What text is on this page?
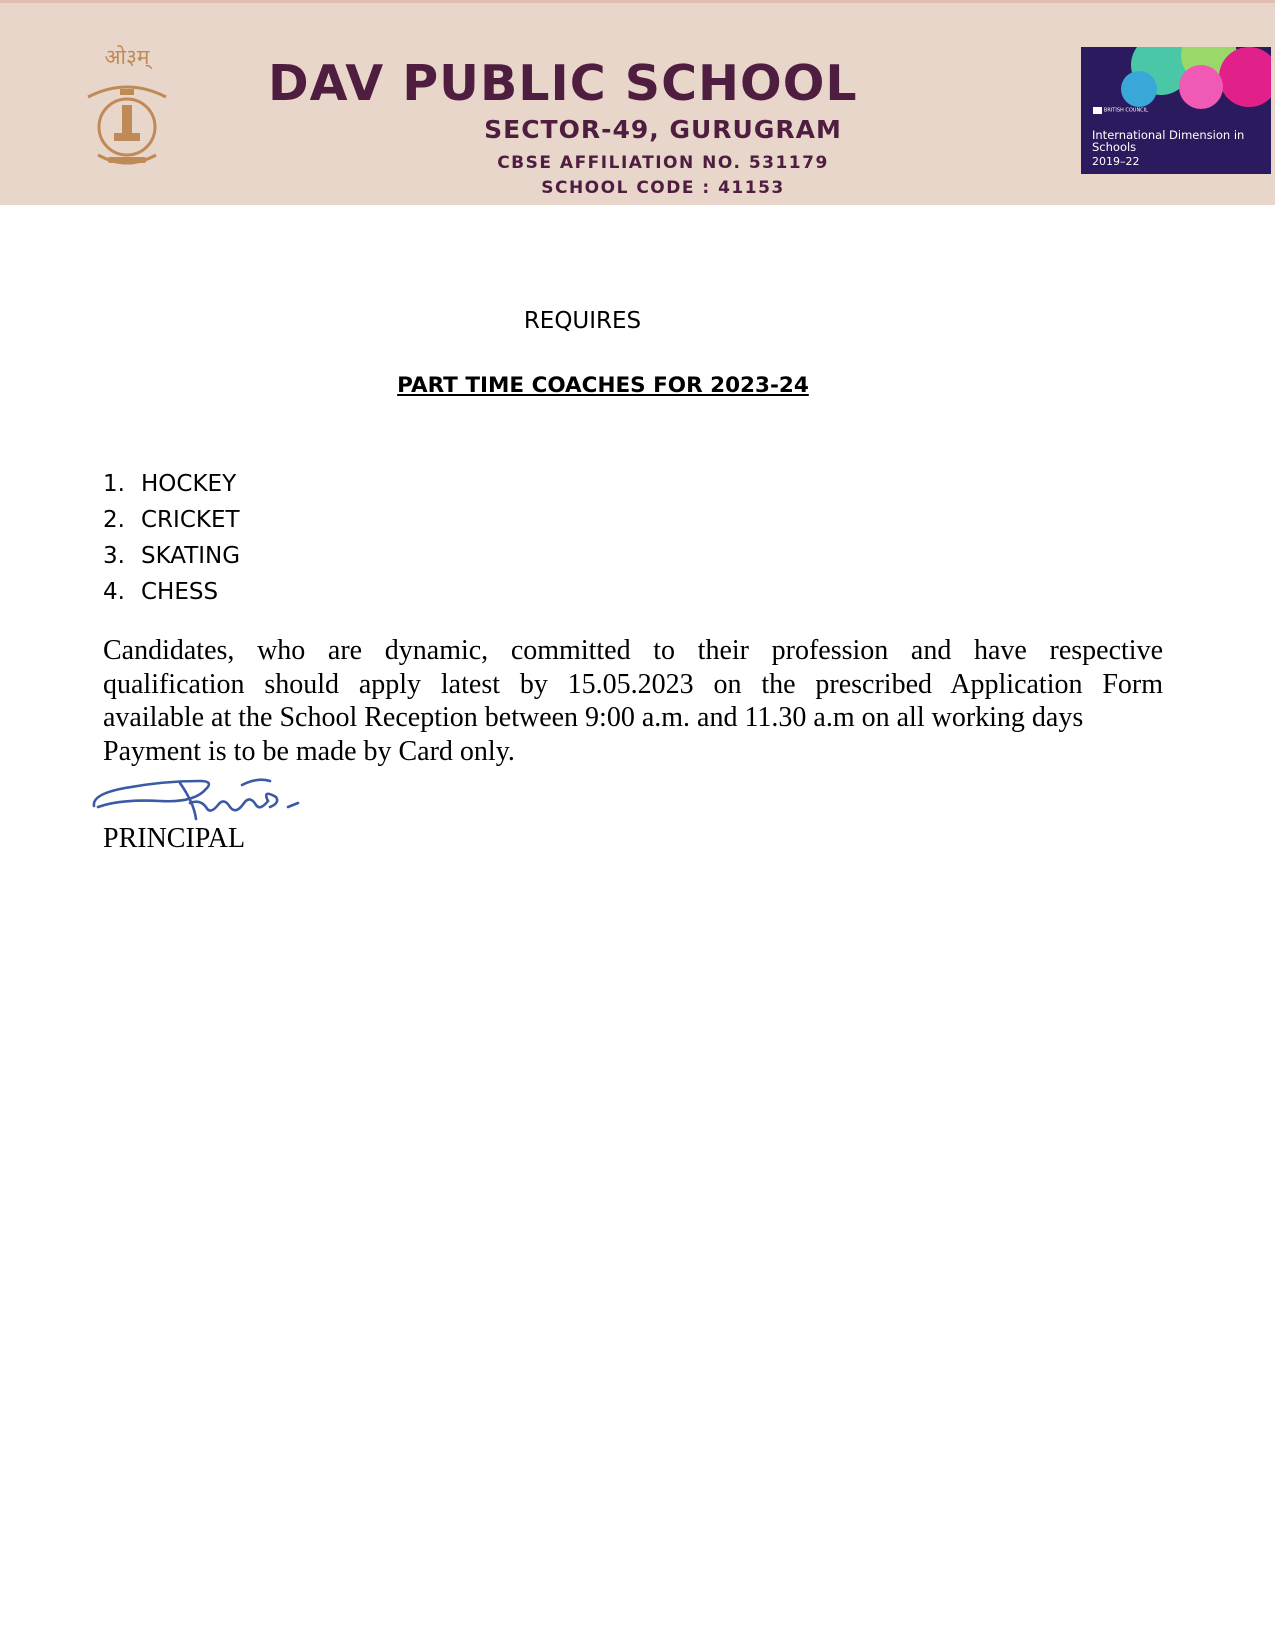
ओ३म्	DAV PUBLIC SCHOOL
SECTOR-49, GURUGRAM
CBSE AFFILIATION NO. 531179
SCHOOL CODE : 41153
BRITISH COUNCIL
International Dimension in Schools
2019–22
REQUIRES
PART TIME COACHES FOR 2023-24
1. HOCKEY
2. CRICKET
3. SKATING
4. CHESS
Candidates, who are dynamic, committed to their profession and have respective
qualification should apply latest by 15.05.2023 on the prescribed Application Form
available at the School Reception between 9:00 a.m. and 11.30 a.m on all working days
Payment is to be made by Card only.
PRINCIPAL
